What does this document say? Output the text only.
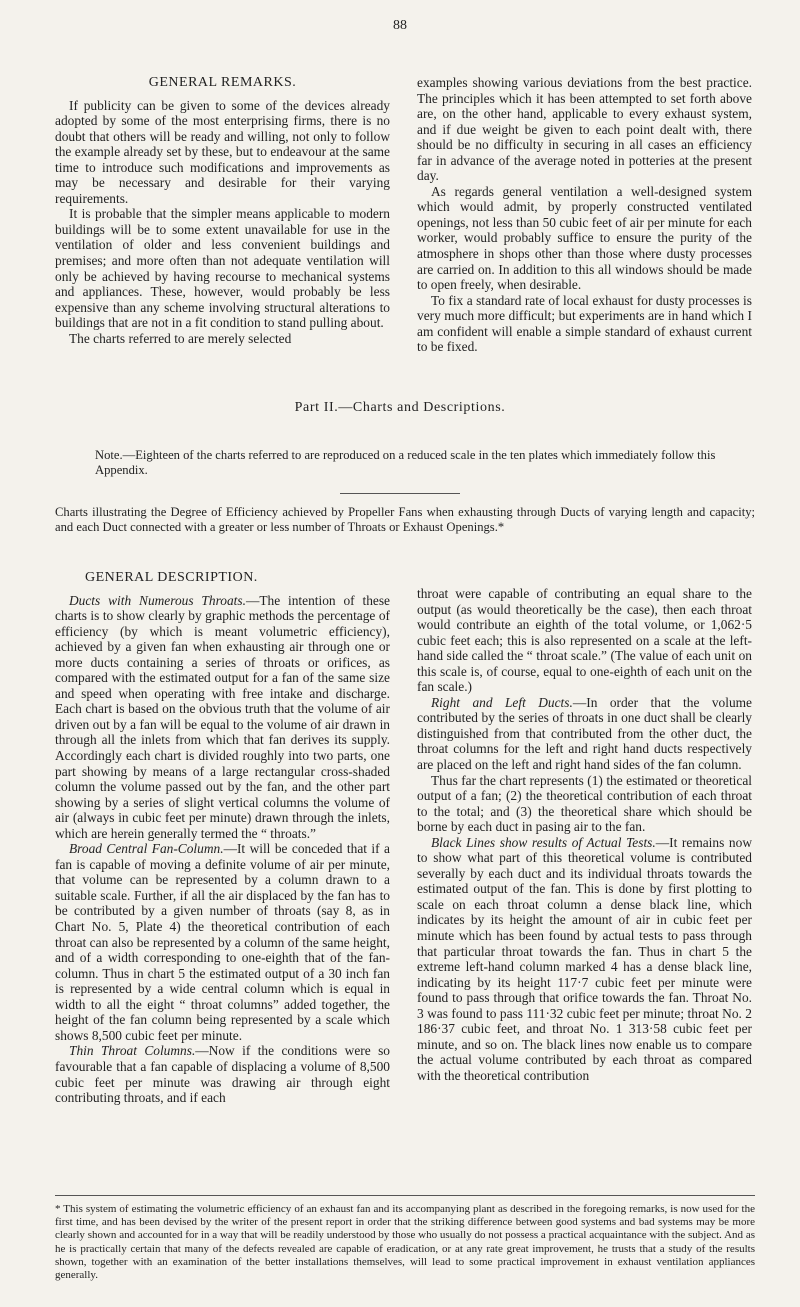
88
GENERAL REMARKS.

If publicity can be given to some of the devices already adopted by some of the most enterprising firms, there is no doubt that others will be ready and willing, not only to follow the example already set by these, but to endeavour at the same time to introduce such modifications and improvements as may be necessary and desirable for their varying requirements.

It is probable that the simpler means applicable to modern buildings will be to some extent unavailable for use in the ventilation of older and less convenient buildings and premises; and more often than not adequate ventilation will only be achieved by having recourse to mechanical systems and appliances. These, however, would probably be less expensive than any scheme involving structural alterations to buildings that are not in a fit condition to stand pulling about.

The charts referred to are merely selected

examples showing various deviations from the best practice. The principles which it has been attempted to set forth above are, on the other hand, applicable to every exhaust system, and if due weight be given to each point dealt with, there should be no difficulty in securing in all cases an efficiency far in advance of the average noted in potteries at the present day.

As regards general ventilation a well-designed system which would admit, by properly constructed ventilated openings, not less than 50 cubic feet of air per minute for each worker, would probably suffice to ensure the purity of the atmosphere in shops other than those where dusty processes are carried on. In addition to this all windows should be made to open freely, when desirable.

To fix a standard rate of local exhaust for dusty processes is very much more difficult; but experiments are in hand which I am confident will enable a simple standard of exhaust current to be fixed.

Part II.—Charts and Descriptions.
Note.—Eighteen of the charts referred to are reproduced on a reduced scale in the ten plates which immediately follow this Appendix.
Charts illustrating the Degree of Efficiency achieved by Propeller Fans when exhausting through Ducts of varying length and capacity; and each Duct connected with a greater or less number of Throats or Exhaust Openings.*
GENERAL DESCRIPTION.

Ducts with Numerous Throats.—The intention of these charts is to show clearly by graphic methods the percentage of efficiency (by which is meant volumetric efficiency), achieved by a given fan when exhausting air through one or more ducts containing a series of throats or orifices, as compared with the estimated output for a fan of the same size and speed when operating with free intake and discharge. Each chart is based on the obvious truth that the volume of air driven out by a fan will be equal to the volume of air drawn in through all the inlets from which that fan derives its supply. Accordingly each chart is divided roughly into two parts, one part showing by means of a large rectangular cross-shaded column the volume passed out by the fan, and the other part showing by a series of slight vertical columns the volume of air (always in cubic feet per minute) drawn through the inlets, which are herein generally termed the “ throats.”

Broad Central Fan-Column.—It will be conceded that if a fan is capable of moving a definite volume of air per minute, that volume can be represented by a column drawn to a suitable scale. Further, if all the air displaced by the fan has to be contributed by a given number of throats (say 8, as in Chart No. 5, Plate 4) the theoretical contribution of each throat can also be represented by a column of the same height, and of a width corresponding to one-eighth that of the fan-column. Thus in chart 5 the estimated output of a 30 inch fan is represented by a wide central column which is equal in width to all the eight “ throat columns” added together, the height of the fan column being represented by a scale which shows 8,500 cubic feet per minute.

Thin Throat Columns.—Now if the conditions were so favourable that a fan capable of displacing a volume of 8,500 cubic feet per minute was drawing air through eight contributing throats, and if each

throat were capable of contributing an equal share to the output (as would theoretically be the case), then each throat would contribute an eighth of the total volume, or 1,062·5 cubic feet each; this is also represented on a scale at the left-hand side called the “ throat scale.” (The value of each unit on this scale is, of course, equal to one-eighth of each unit on the fan scale.)

Right and Left Ducts.—In order that the volume contributed by the series of throats in one duct shall be clearly distinguished from that contributed from the other duct, the throat columns for the left and right hand ducts respectively are placed on the left and right hand sides of the fan column.

Thus far the chart represents (1) the estimated or theoretical output of a fan; (2) the theoretical contribution of each throat to the total; and (3) the theoretical share which should be borne by each duct in pasing air to the fan.

Black Lines show results of Actual Tests.—It remains now to show what part of this theoretical volume is contributed severally by each duct and its individual throats towards the estimated output of the fan. This is done by first plotting to scale on each throat column a dense black line, which indicates by its height the amount of air in cubic feet per minute which has been found by actual tests to pass through that particular throat towards the fan. Thus in chart 5 the extreme left-hand column marked 4 has a dense black line, indicating by its height 117·7 cubic feet per minute were found to pass through that orifice towards the fan. Throat No. 3 was found to pass 111·32 cubic feet per minute; throat No. 2 186·37 cubic feet, and throat No. 1 313·58 cubic feet per minute, and so on. The black lines now enable us to compare the actual volume contributed by each throat as compared with the theoretical contribution

* This system of estimating the volumetric efficiency of an exhaust fan and its accompanying plant as described in the foregoing remarks, is now used for the first time, and has been devised by the writer of the present report in order that the striking difference between good systems and bad systems may be more clearly shown and accounted for in a way that will be readily understood by those who usually do not possess a practical acquaintance with the subject. And as he is practically certain that many of the defects revealed are capable of eradication, or at any rate great improvement, he trusts that a study of the results shown, together with an examination of the better installations themselves, will lead to some practical improvement in exhaust ventilation appliances generally.
